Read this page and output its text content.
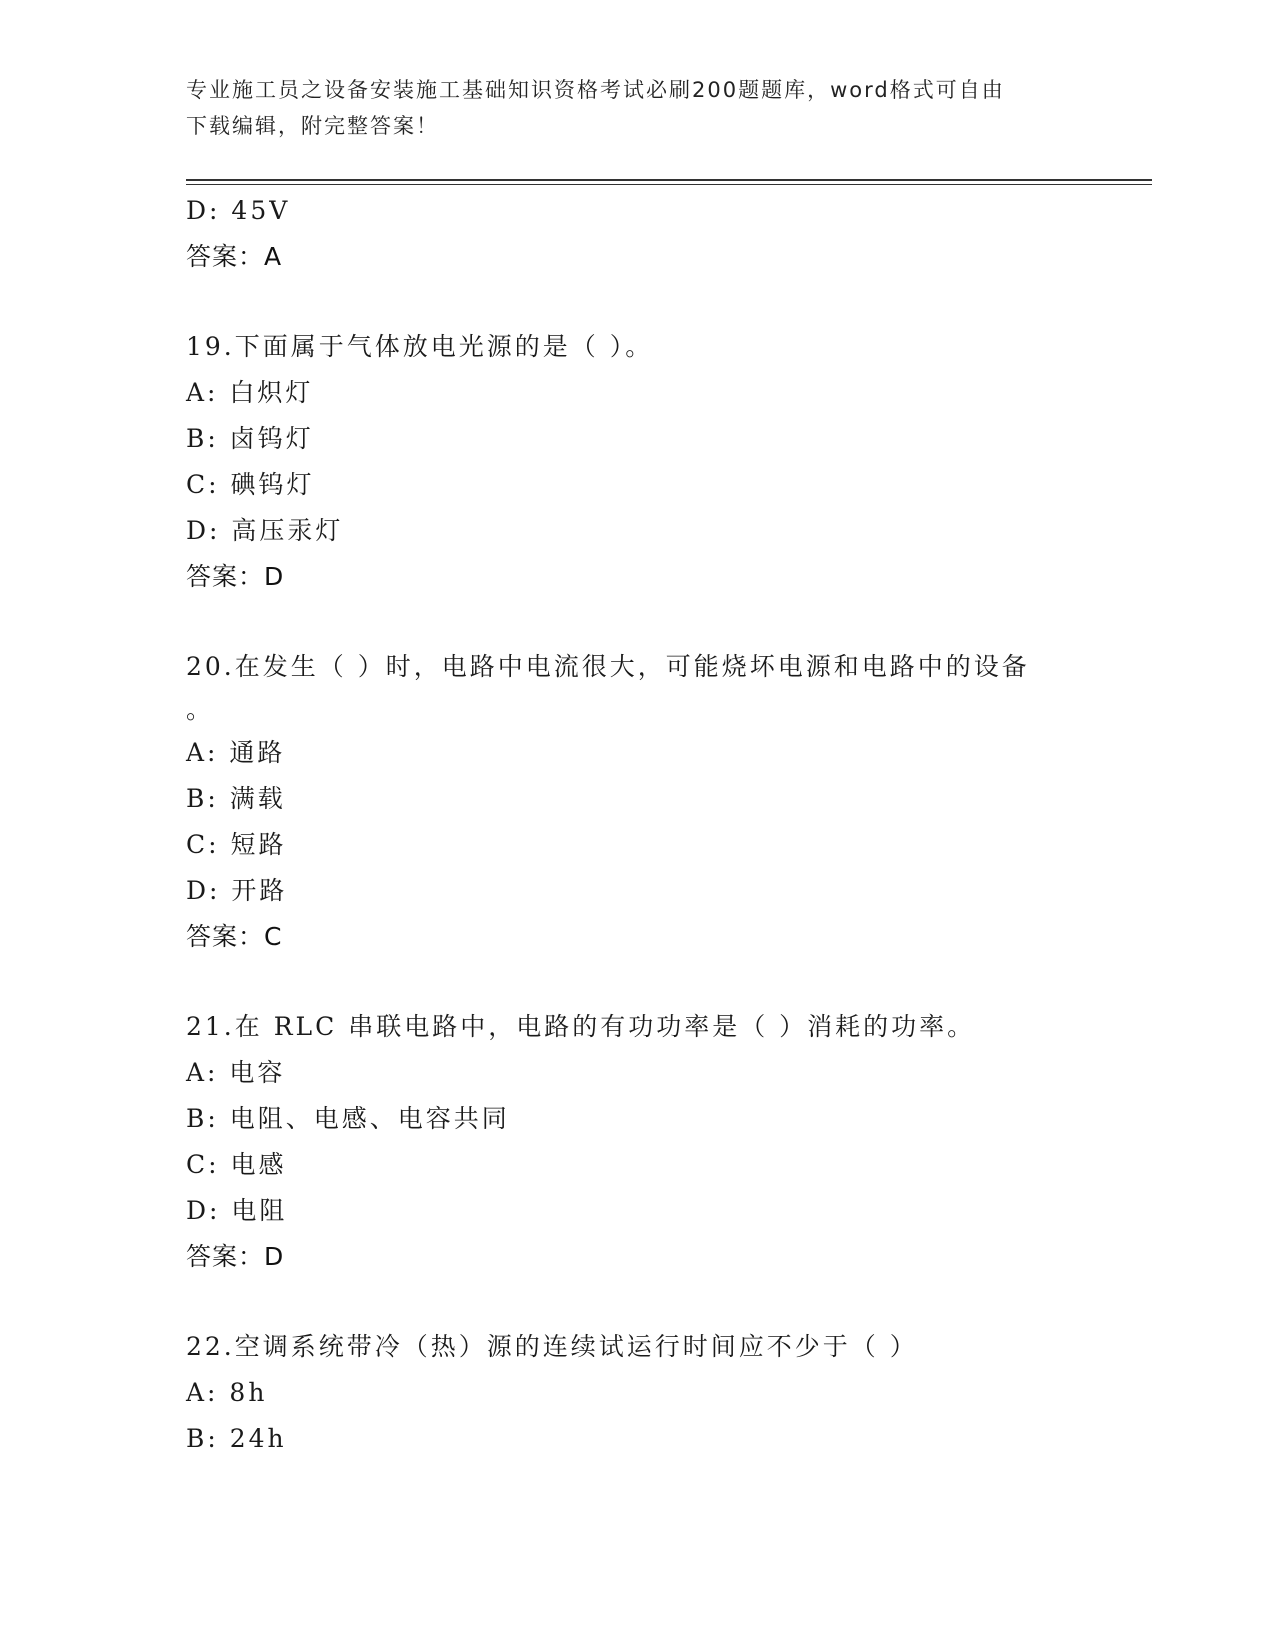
专业施工员之设备安装施工基础知识资格考试必刷200题题库，word格式可自由
下载编辑，附完整答案！
D: 45V
答案：A
19.下面属于气体放电光源的是（ ）。
A: 白炽灯
B: 卤钨灯
C: 碘钨灯
D: 高压汞灯
答案：D
20.在发生（ ）时，电路中电流很大，可能烧坏电源和电路中的设备
。
A: 通路
B: 满载
C: 短路
D: 开路
答案：C
21.在 RLC 串联电路中，电路的有功功率是（ ）消耗的功率。
A: 电容
B: 电阻、电感、电容共同
C: 电感
D: 电阻
答案：D
22.空调系统带冷（热）源的连续试运行时间应不少于（ ）
A: 8h
B: 24h
